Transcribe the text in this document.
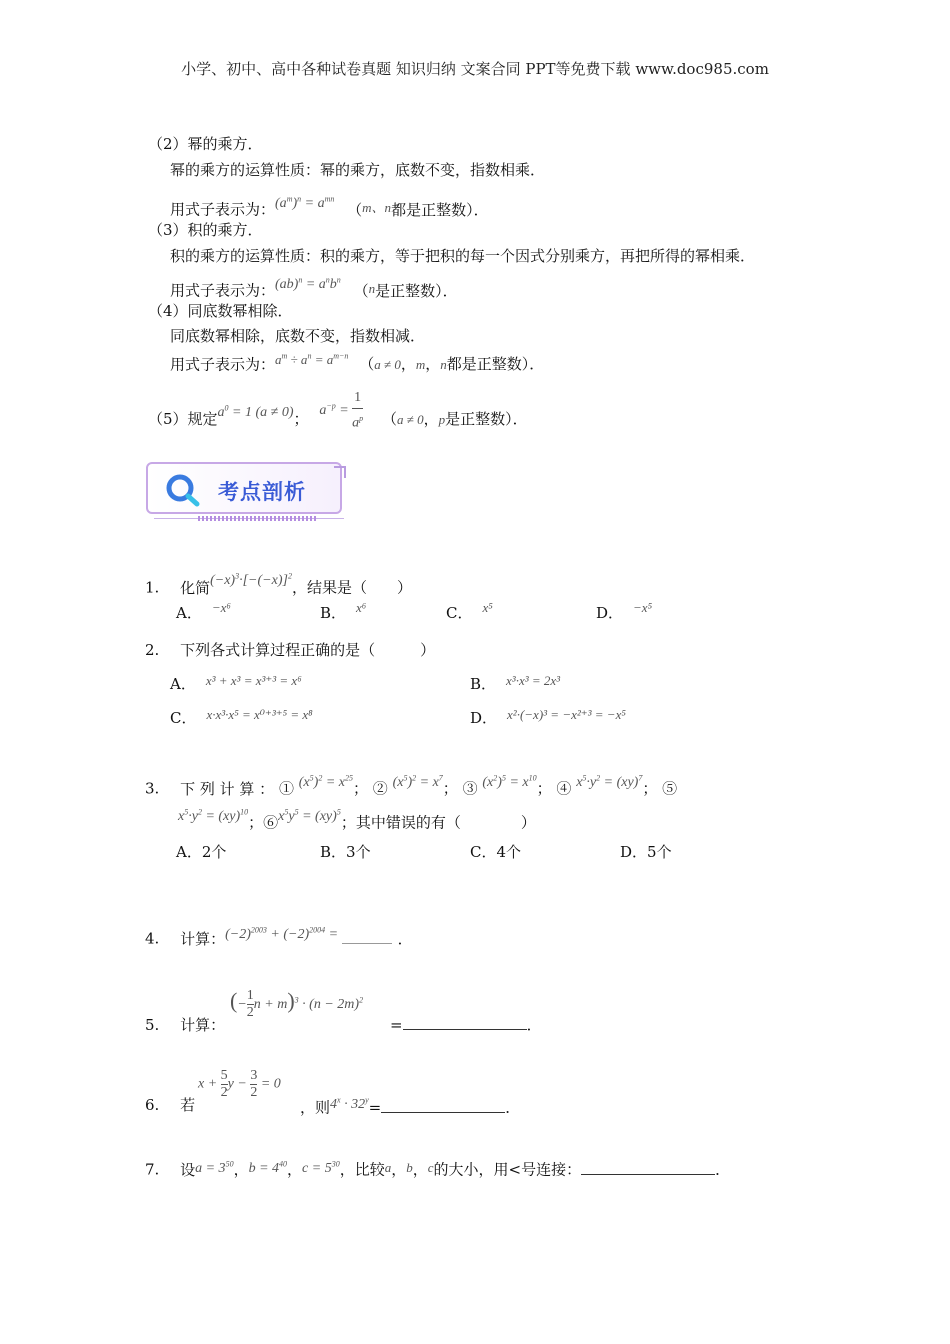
小学、初中、高中各种试卷真题 知识归纳 文案合同 PPT等免费下载 www.doc985.com
（2）幂的乘方．
幂的乘方的运算性质：幂的乘方，底数不变，指数相乘．
用式子表示为：$(a^m)^n = a^{mn}$ （m、n都是正整数）．
（3）积的乘方．
积的乘方的运算性质：积的乘方，等于把积的每一个因式分别乘方，再把所得的幂相乘．
用式子表示为：$(ab)^n = a^nb^n$ （n是正整数）．
（4）同底数幂相除．
同底数幂相除，底数不变，指数相减．
用式子表示为：$a^m \div a^n = a^{m-n}$ （a ≠ 0，m，n都是正整数）．
（5）规定$a^0 = 1$ (a ≠ 0)； $a^{-p} = \frac{1}{a^p} (a \ne 0$，p是正整数）．
考点剖析
1. 化简$(-x)^3\cdot[-(-x)]^2$，结果是（　　）
A． −x⁶	B． x⁶	C． x⁵	D． −x⁵
2. 下列各式计算过程正确的是（　　　）
A． x³ + x³ = x³⁺³ = x⁶	B． x³·x³ = 2x³
C． x·x³·x⁵ = x⁰⁺³⁺⁵ = x⁸	D． x²·(−x)³ = −x²⁺³ = −x⁵
3. 下 列 计 算 ： ① $(x^5)^2 = x^{25}$； ② $(x^5)^2 = x^7$； ③ $(x^2)^5 = x^{10}$； ④ $x^5\cdot y^2 = (xy)^7$； ⑤
$x^5\cdot y^2 = (xy)^{10}$；$⑥x^5y^5 = (xy)^5$；其中错误的有（　　　　）
A．2个	B．3个	C．4个	D．5个
4. 计算：$(-2)^{2003} + (-2)^{2004}$ =	．
5. 计算：
(− $\frac{1}{2}$ $n + m)^3 \cdot (n - 2m)^2$
=	．
6. 若
$x + \frac{5}{2}$ $y - \frac{3}{2} = 0$
，则$4^x \cdot 32^y=$	．
7. 设$a = 3^{50}$，$b = 4^{40}$，$c = 5^{30}$，比较a，b，c的大小，用<号连接：	．
